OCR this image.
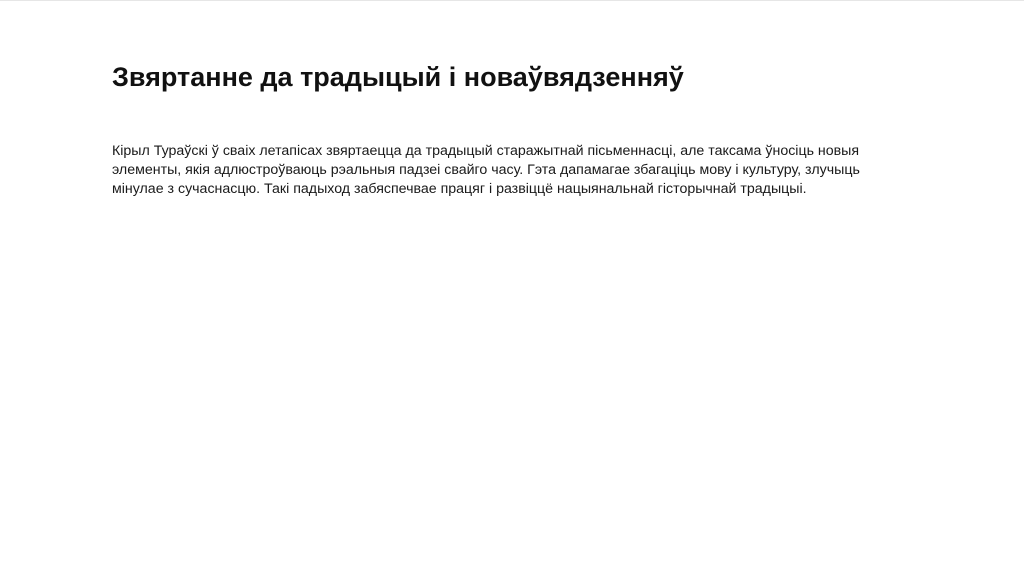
Звяртанне да традыцый і новаўвядзенняў

Кірыл Тураўскі ў сваіх летапісах звяртаецца да традыцый старажытнай пісьменнасці, але таксама ўносіць новыя элементы, якія адлюстроўваюць рэальныя падзеі свайго часу. Гэта дапамагае збагаціць мову і культуру, злучыць мінулае з сучаснасцю. Такі падыход забяспечвае працяг і развіццё нацыянальнай гісторычнай традыцыі.
